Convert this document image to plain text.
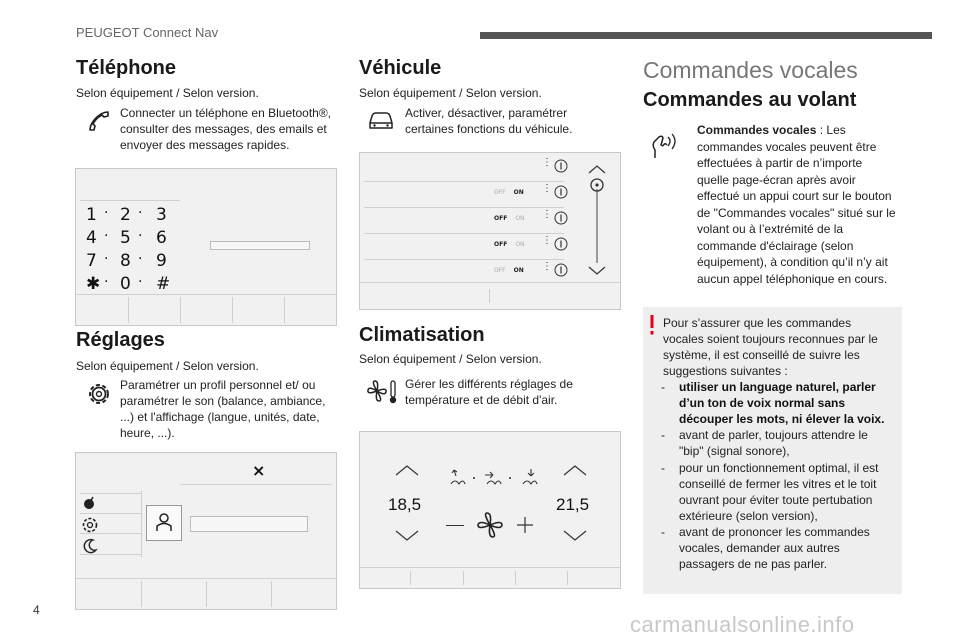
PEUGEOT Connect Nav
Téléphone
Selon équipement / Selon version.
Connecter un téléphone en Bluetooth®, consulter des messages, des emails et envoyer des messages rapides.
1 · 2 · 3
4 · 5 · 6
7 · 8 · 9
✱ · 0 · #
Réglages
Selon équipement / Selon version.
Paramétrer un profil personnel et/ ou paramétrer le son (balance, ambiance, ...) et l'affichage (langue, unités, date, heure, ...).
×
Véhicule
Selon équipement / Selon version.
Activer, désactiver, paramétrer certaines fonctions du véhicule.
⋮
OFF ON ⋮
OFF ON ⋮
OFF ON ⋮
OFF ON ⋮
Climatisation
Selon équipement / Selon version.
Gérer les différents réglages de température et de débit d'air.
18,5	21,5
Commandes vocales
Commandes au volant
Commandes vocales : Les commandes vocales peuvent être effectuées à partir de n’importe quelle page-écran après avoir effectué un appui court sur le bouton de "Commandes vocales" situé sur le volant ou à l’extrémité de la commande d'éclairage (selon équipement), à condition qu’il n’y ait aucun appel téléphonique en cours.
Pour s’assurer que les commandes vocales soient toujours reconnues par le système, il est conseillé de suivre les suggestions suivantes :
- utiliser un language naturel, parler d’un ton de voix normal sans découper les mots, ni élever la voix.
- avant de parler, toujours attendre le "bip" (signal sonore),
- pour un fonctionnement optimal, il est conseillé de fermer les vitres et le toit ouvrant pour éviter toute pertubation extérieure (selon version),
- avant de prononcer les commandes vocales, demander aux autres passagers de ne pas parler.
4
carmanualsonline.info
